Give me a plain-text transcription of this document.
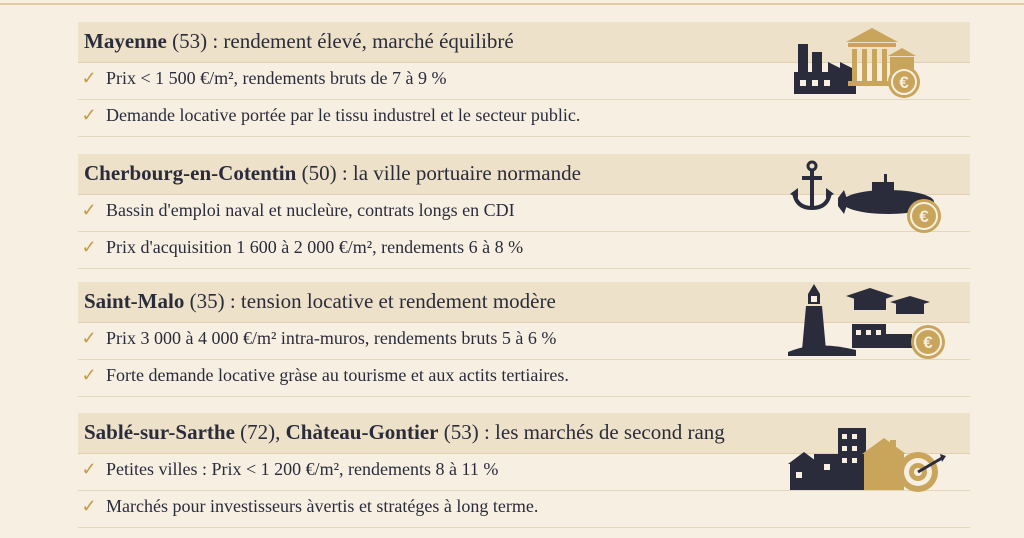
Mayenne (53) : rendement élevé, marché équilibré
✓ Prix < 1 500 €/m², rendements bruts de 7 à 9 %
✓ Demande locative portée par le tissu industrel et le secteur public.
€
Cherbourg-en-Cotentin (50) : la ville portuaire normande
✓ Bassin d'emploi naval et nucleùre, contrats longs en CDI
✓ Prix d'acquisition 1 600 à 2 000 €/m², rendements 6 à 8 %
€
Saint-Malo (35) : tension locative et rendement modère
✓ Prix 3 000 à 4 000 €/m² intra-muros, rendements bruts 5 à 6 %
✓ Forte demande locative gràse au tourisme et aux actits tertiaires.
€
Sablé-sur-Sarthe (72), Chàteau-Gontier (53) : les marchés de second rang
✓ Petites villes : Prix < 1 200 €/m², rendements 8 à 11 %
✓ Marchés pour investisseurs àvertis et stratéges à long terme.
